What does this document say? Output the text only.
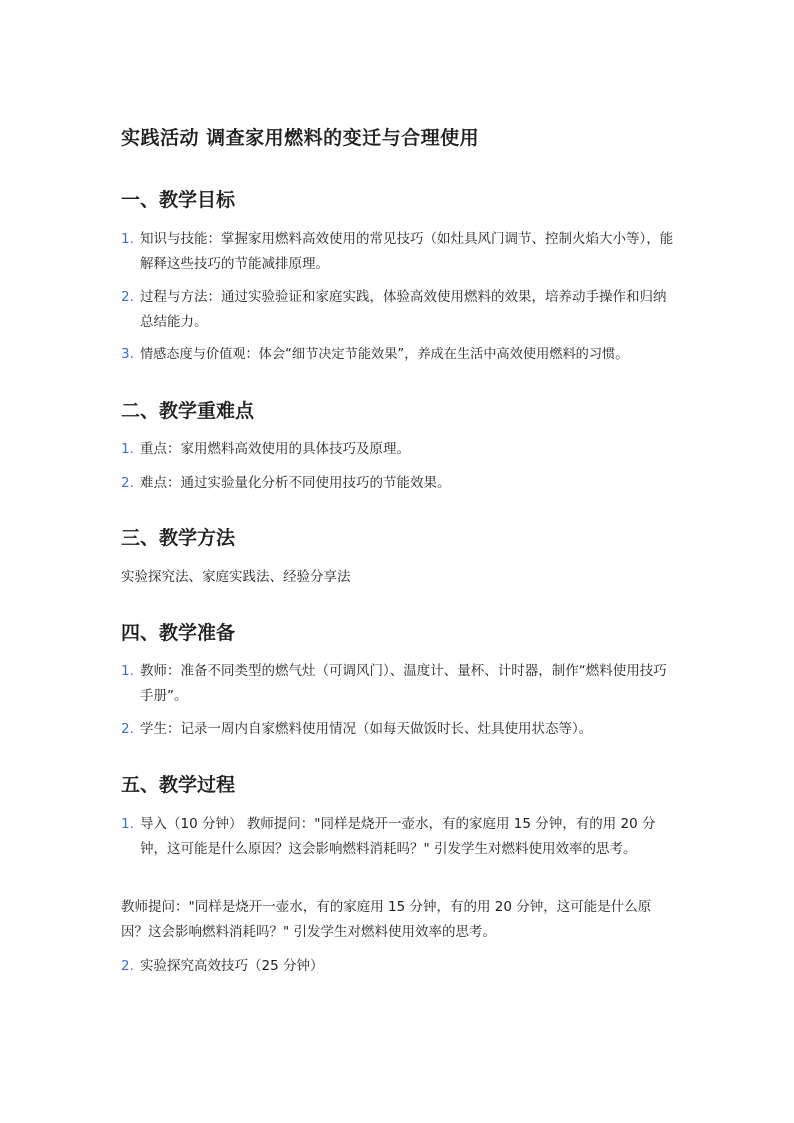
实践活动 调查家用燃料的变迁与合理使用
一、教学目标
1. 知识与技能：掌握家用燃料高效使用的常见技巧（如灶具风门调节、控制火焰大小等），能解释这些技巧的节能减排原理。
2. 过程与方法：通过实验验证和家庭实践，体验高效使用燃料的效果，培养动手操作和归纳总结能力。
3. 情感态度与价值观：体会“细节决定节能效果”，养成在生活中高效使用燃料的习惯。
二、教学重难点
1. 重点：家用燃料高效使用的具体技巧及原理。
2. 难点：通过实验量化分析不同使用技巧的节能效果。
三、教学方法
实验探究法、家庭实践法、经验分享法
四、教学准备
1. 教师：准备不同类型的燃气灶（可调风门）、温度计、量杯、计时器，制作“燃料使用技巧手册”。
2. 学生：记录一周内自家燃料使用情况（如每天做饭时长、灶具使用状态等）。
五、教学过程
1. 导入（10 分钟） 教师提问："同样是烧开一壶水，有的家庭用 15 分钟，有的用 20 分钟，这可能是什么原因？这会影响燃料消耗吗？" 引发学生对燃料使用效率的思考。
教师提问："同样是烧开一壶水，有的家庭用 15 分钟，有的用 20 分钟，这可能是什么原因？这会影响燃料消耗吗？" 引发学生对燃料使用效率的思考。
2. 实验探究高效技巧（25 分钟）
